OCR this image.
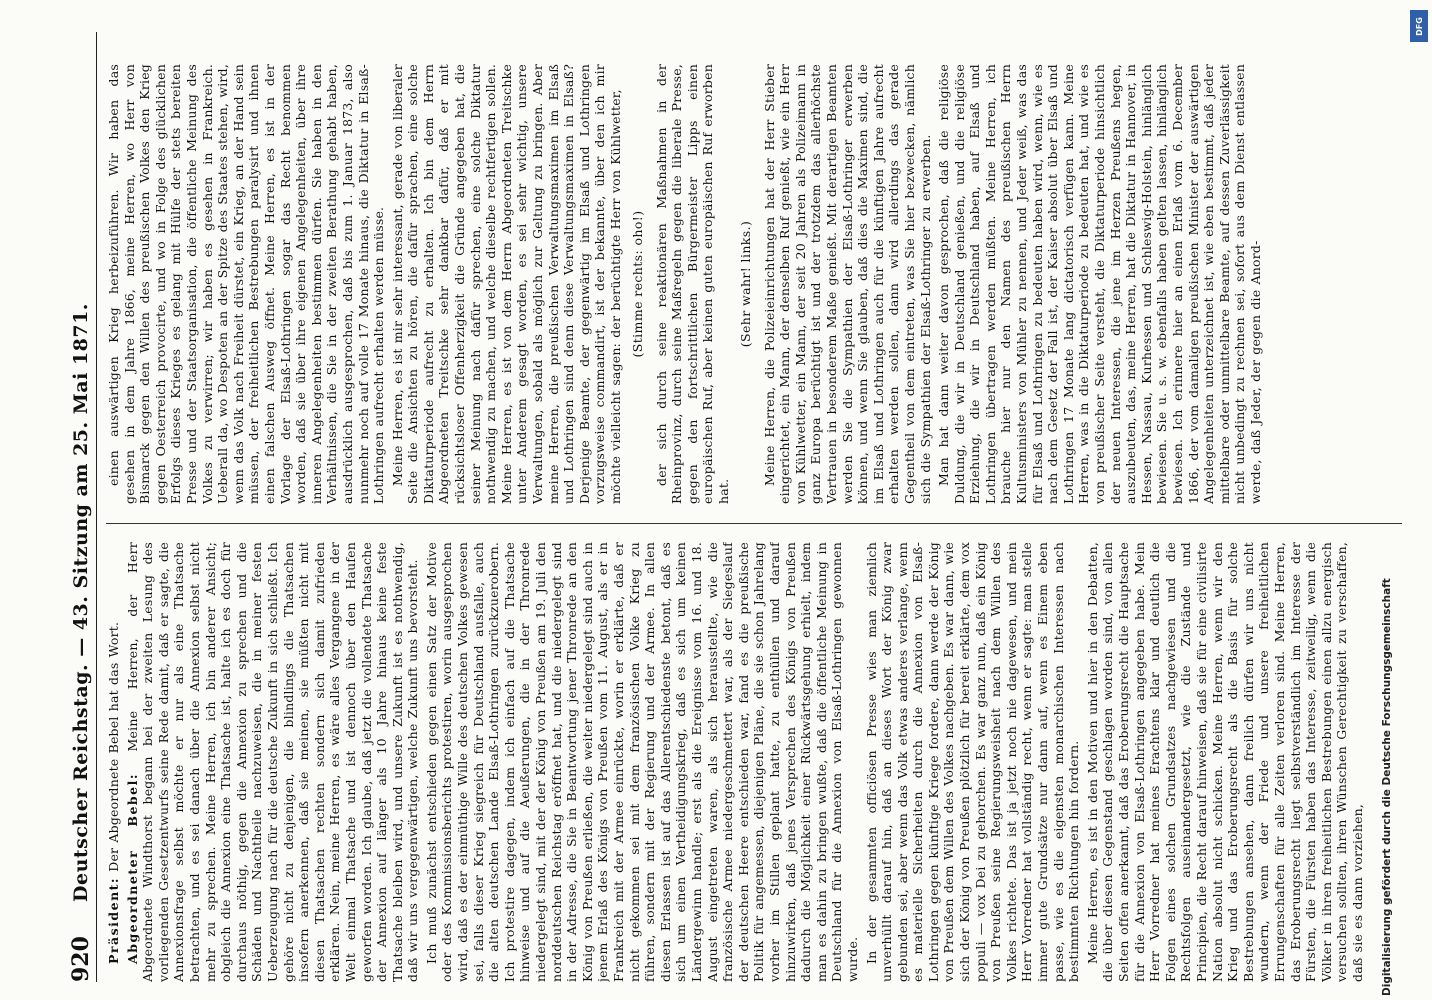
920
Deutscher Reichstag. — 43. Sitzung am 25. Mai 1871.

Präsident: Der Abgeordnete Bebel hat das Wort. Abgeordneter Bebel: Meine Herren, der Herr Abgeordnete Windthorst begann bei der zweiten Lesung des vorliegenden Gesetzentwurfs seine Rede damit, daß er sagte, die Annexionsfrage selbst möchte er nur als eine Thatsache betrachten, und es sei danach über die Annexion selbst nicht mehr zu sprechen. Meine Herren, ich bin anderer Ansicht; obgleich die Annexion eine Thatsache ist, halte ich es doch für durchaus nöthig, gegen die Annexion zu sprechen und die Schäden und Nachtheile nachzuweisen, die in meiner festen Ueberzeugung nach für die deutsche Zukunft in sich schließt. Ich gehöre nicht zu denjenigen, die blindlings die Thatsachen insofern anerkennen, daß sie meinen, sie müßten nicht mit diesen Thatsachen rechten sondern sich damit zufrieden erklären. Nein, meine Herren, es wäre alles Vergangene in der Welt einmal Thatsache und ist dennoch über den Haufen geworfen worden. Ich glaube, daß jetzt die vollendete Thatsache der Annexion auf länger als 10 Jahre hinaus keine feste Thatsache bleiben wird, und unsere Zukunft ist es nothwendig, daß wir uns vergegenwärtigen, welche Zukunft uns bevorsteht. Ich muß zunächst entschieden gegen einen Satz der Motive oder des Kommissionsberichts protestiren, worin ausgesprochen wird, daß es der einmüthige Wille des deutschen Volkes gewesen sei, falls dieser Krieg siegreich für Deutschland ausfalle, auch die alten deutschen Lande Elsaß-Lothringen zurückzuerobern. Ich protestire dagegen, indem ich einfach auf die Thatsache hinweise und auf die Aeußerungen, die in der Thronrede niedergelegt sind, mit der der König von Preußen am 19. Juli den norddeutschen Reichstag eröffnet hat, und die niedergelegt sind in der Adresse, die Sie in Beantwortung jener Thronrede an den König von Preußen erließen, die weiter niedergelegt sind auch in jenem Erlaß des Königs von Preußen vom 11. August, als er in Frankreich mit der Armee einrückte, worin er erklärte, daß er nicht gekommen sei mit dem französischen Volke Krieg zu führen, sondern mit der Regierung und der Armee. In allen diesen Erlassen ist auf das Allerentschiedenste betont, daß es sich um einen Vertheidigungskrieg, daß es sich um keinen Ländergewinn handle; erst als die Ereignisse vom 16. und 18. August eingetreten waren, als sich herausstellte, wie die französische Armee niedergeschmettert war, als der Siegeslauf der deutschen Heere entschieden war, fand es die preußische Politik für angemessen, diejenigen Pläne, die sie schon Jahrelang vorher im Stillen geplant hatte, zu enthüllen und darauf hinzuwirken, daß jenes Versprechen des Königs von Preußen dadurch die Möglichkeit einer Rückwärtsgehung erhielt, indem man es dahin zu bringen wußte, daß die öffentliche Meinung in Deutschland für die Annexion von Elsaß-Lothringen gewonnen wurde. In der gesammten officiösen Presse wies man ziemlich unverhüllt darauf hin, daß an dieses Wort der König zwar gebunden sei, aber wenn das Volk etwas anderes verlange, wenn es materielle Sicherheiten durch die Annexion von Elsaß-Lothringen gegen künftige Kriege fordere, dann werde der König von Preußen dem Willen des Volkes nachgeben. Es war dann, wie sich der König von Preußen plötzlich für bereit erklärte, dem vox populi — vox Dei zu gehorchen. Es war ganz nun, daß ein König von Preußen seine Regierungsweisheit nach dem Willen des Volkes richtete. Das ist ja jetzt noch nie dagewesen, und mein Herr Vorredner hat vollständig recht, wenn er sagte: man stelle immer gute Grundsätze nur dann auf, wenn es Einem eben passe, wie es die eigensten monarchischen Interessen nach bestimmten Richtungen hin fordern. Meine Herren, es ist in den Motiven und hier in den Debatten, die über diesen Gegenstand geschlagen worden sind, von allen Seiten offen anerkannt, daß das Eroberungsrecht die Hauptsache für die Annexion von Elsaß-Lothringen angegeben habe. Mein Herr Vorredner hat meines Erachtens klar und deutlich die Folgen eines solchen Grundsatzes nachgewiesen und die Rechtsfolgen auseinandergesetzt, wie die Zustände und Principien, die Recht darauf hinweisen, daß sie für eine civilisirte Nation absolut nicht schicken. Meine Herren, wenn wir den Krieg und das Eroberungsrecht als die Basis für solche Bestrebungen ansehen, dann freilich dürfen wir uns nicht wundern, wenn der Friede und unsere freiheitlichen Errungenschaften für alle Zeiten verloren sind. Meine Herren, das Eroberungsrecht liegt selbstverständlich im Interesse der Fürsten, die Fürsten haben das Interesse, zeitweilig, wenn die Völker in ihren freiheitlichen Bestrebungen einen allzu energisch versuchen sollten, ihren Wünschen Gerechtigkeit zu verschaffen, daß sie es dann vorziehen,

einen auswärtigen Krieg herbeizuführen. Wir haben das gesehen in dem Jahre 1866, meine Herren, wo Herr von Bismarck gegen den Willen des preußischen Volkes den Krieg gegen Oesterreich provocirte, und wo in Folge des glücklichen Erfolgs dieses Krieges es gelang mit Hülfe der stets bereiten Presse und der Staatsorganisation, die öffentliche Meinung des Volkes zu verwirren; wir haben es gesehen in Frankreich. Ueberall da, wo Despoten an der Spitze des Staates stehen, wird, wenn das Volk nach Freiheit dürstet, ein Krieg, an der Hand sein müssen, der freiheitlichen Bestrebungen paralysirt und ihnen einen falschen Ausweg öffnet. Meine Herren, es ist in der Vorlage der Elsaß-Lothringen sogar das Recht benommen worden, daß sie über ihre eigenen Angelegenheiten, über ihre inneren Angelegenheiten bestimmen dürfen. Sie haben in den Verhältnissen, die Sie in der zweiten Berathung gehabt haben, ausdrücklich ausgesprochen, daß bis zum 1. Januar 1873, also nunmehr noch auf volle 17 Monate hinaus, die Diktatur in Elsaß-Lothringen aufrecht erhalten werden müsse. Meine Herren, es ist mir sehr interessant, gerade von liberaler Seite die Ansichten zu hören, die dafür sprachen, eine solche Diktaturperiode aufrecht zu erhalten. Ich bin dem Herrn Abgeordneten Treitschke sehr dankbar dafür, daß er mit rücksichtsloser Offenherzigkeit die Gründe angegeben hat, die seiner Meinung nach dafür sprechen, eine solche Diktatur nothwendig zu machen, und welche dieselbe rechtfertigen sollen. Meine Herren, es ist von dem Herrn Abgeordneten Treitschke unter Anderem gesagt worden, es sei sehr wichtig, unsere Verwaltungen, sobald als möglich zur Geltung zu bringen. Aber meine Herren, die preußischen Verwaltungsmaximen im Elsaß und Lothringen sind denn diese Verwaltungsmaximen in Elsaß? Derjenige Beamte, der gegenwärtig im Elsaß und Lothringen vorzugsweise commandirt, ist der bekannte, über den ich mir möchte vielleicht sagen: der berüchtigte Herr von Kühlwetter, (Stimme rechts: oho!) der sich durch seine reaktionären Maßnahmen in der Rheinprovinz, durch seine Maßregeln gegen die liberale Presse, gegen den fortschrittlichen Bürgermeister Lipps einen europäischen Ruf, aber keinen guten europäischen Ruf erworben hat.

(Sehr wahr! links.) Meine Herren, die Polizeieinrichtungen hat der Herr Stieber eingerichtet, ein Mann, der denselben Ruf genießt, wie ein Herr von Kühlwetter, ein Mann, der seit 20 Jahren als Polizeimann in ganz Europa berüchtigt ist und der trotzdem das allerhöchste Vertrauen in besonderem Maße genießt. Mit derartigen Beamten werden Sie die Sympathien der Elsaß-Lothringer erwerben können, und wenn Sie glauben, daß dies die Maximen sind, die im Elsaß und Lothringen auch für die künftigen Jahre aufrecht erhalten werden sollen, dann wird allerdings das gerade Gegentheil von dem eintreten, was Sie hier bezwecken, nämlich sich die Sympathien der Elsaß-Lothringer zu erwerben. Man hat dann weiter davon gesprochen, daß die religiöse Duldung, die wir in Deutschland genießen, und die religiöse Erziehung, die wir in Deutschland haben, auf Elsaß und Lothringen übertragen werden müßten. Meine Herren, ich brauche hier nur den Namen des preußischen Herrn Kultusministers von Mühler zu nennen, und Jeder weiß, was das für Elsaß und Lothringen zu bedeuten haben wird, wenn, wie es nach dem Gesetz der Fall ist, der Kaiser absolut über Elsaß und Lothringen 17 Monate lang dictatorisch verfügen kann. Meine Herren, was in die Diktaturperiode zu bedeuten hat, und wie es von preußischer Seite versteht, die Diktaturperiode hinsichtlich der neuen Interessen, die jene im Herzen Preußens hegen, auszubeuten, das, meine Herren, hat die Diktatur in Hannover, in Hessen, Nassau, Kurhessen und Schleswig-Holstein, hinlänglich bewiesen. Sie u. s. w. ebenfalls haben gelten lassen, hinlänglich bewiesen. Ich erinnere hier an einen Erlaß vom 6. December 1866, der vom damaligen preußischen Minister der auswärtigen Angelegenheiten unterzeichnet ist, wie eben bestimmt, daß jeder mittelbare oder unmittelbare Beamte, auf dessen Zuverlässigkeit nicht unbedingt zu rechnen sei, sofort aus dem Dienst entlassen werde, daß Jeder, der gegen die Anord-

Digitalisierung gefördert durch die Deutsche Forschungsgemeinschaft
DFG
